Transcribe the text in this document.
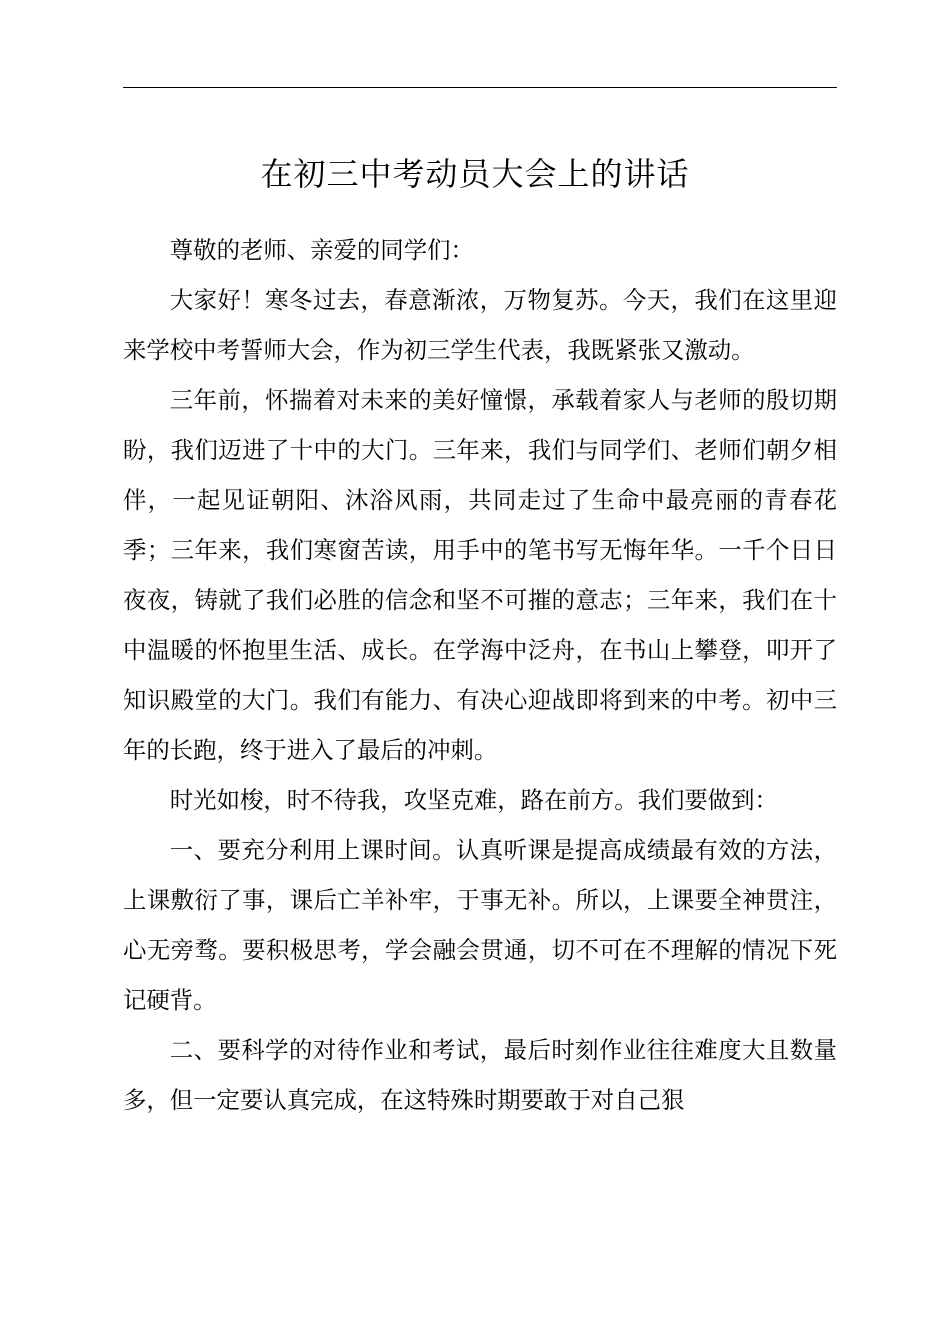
在初三中考动员大会上的讲话

尊敬的老师、亲爱的同学们：

大家好！寒冬过去，春意渐浓，万物复苏。今天，我们在这里迎来学校中考誓师大会，作为初三学生代表，我既紧张又激动。

三年前，怀揣着对未来的美好憧憬，承载着家人与老师的殷切期盼，我们迈进了十中的大门。三年来，我们与同学们、老师们朝夕相伴，一起见证朝阳、沐浴风雨，共同走过了生命中最亮丽的青春花季；三年来，我们寒窗苦读，用手中的笔书写无悔年华。一千个日日夜夜，铸就了我们必胜的信念和坚不可摧的意志；三年来，我们在十中温暖的怀抱里生活、成长。在学海中泛舟，在书山上攀登，叩开了知识殿堂的大门。我们有能力、有决心迎战即将到来的中考。初中三年的长跑，终于进入了最后的冲刺。

时光如梭，时不待我，攻坚克难，路在前方。我们要做到：

一、要充分利用上课时间。认真听课是提高成绩最有效的方法，上课敷衍了事，课后亡羊补牢，于事无补。所以，上课要全神贯注，心无旁骛。要积极思考，学会融会贯通，切不可在不理解的情况下死记硬背。

二、要科学的对待作业和考试，最后时刻作业往往难度大且数量多，但一定要认真完成，在这特殊时期要敢于对自己狠
